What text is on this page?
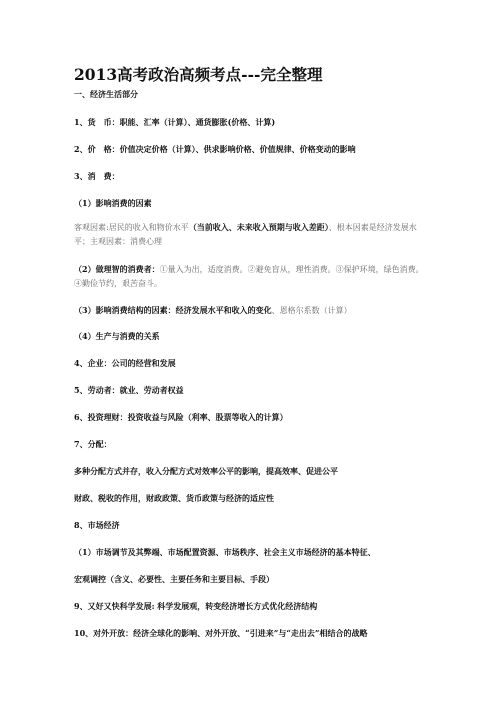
2013高考政治高频考点---完全整理
一、经济生活部分
1、货　币：职能、汇率（计算）、通货膨胀(价格、计算)
2、价　格：价值决定价格（计算）、供求影响价格、价值规律、价格变动的影响
3、消　费：
（1）影响消费的因素
客观因素:居民的收入和物价水平（当前收入、未来收入预期与收入差距）、根本因素是经济发展水平；主观因素：消费心理
（2）做理智的消费者：①量入为出，适度消费。②避免盲从，理性消费。③保护环境，绿色消费。④勤俭节约，艰苦奋斗。
（3）影响消费结构的因素：经济发展水平和收入的变化、恩格尔系数（计算）
（4）生产与消费的关系
4、企业：公司的经营和发展
5、劳动者：就业、劳动者权益
6、投资理财：投资收益与风险（利率、股票等收入的计算）
7、分配：
多种分配方式并存，收入分配方式对效率公平的影响，提高效率、促进公平
财政、税收的作用，财政政策、货币政策与经济的适应性
8、市场经济
（1）市场调节及其弊端、市场配置资源、市场秩序、社会主义市场经济的基本特征、
宏观调控（含义、必要性、主要任务和主要目标、手段）
9、又好又快科学发展: 科学发展观，转变经济增长方式优化经济结构
10、对外开放：经济全球化的影响、对外开放、“引进来”与“走出去”相结合的战略
